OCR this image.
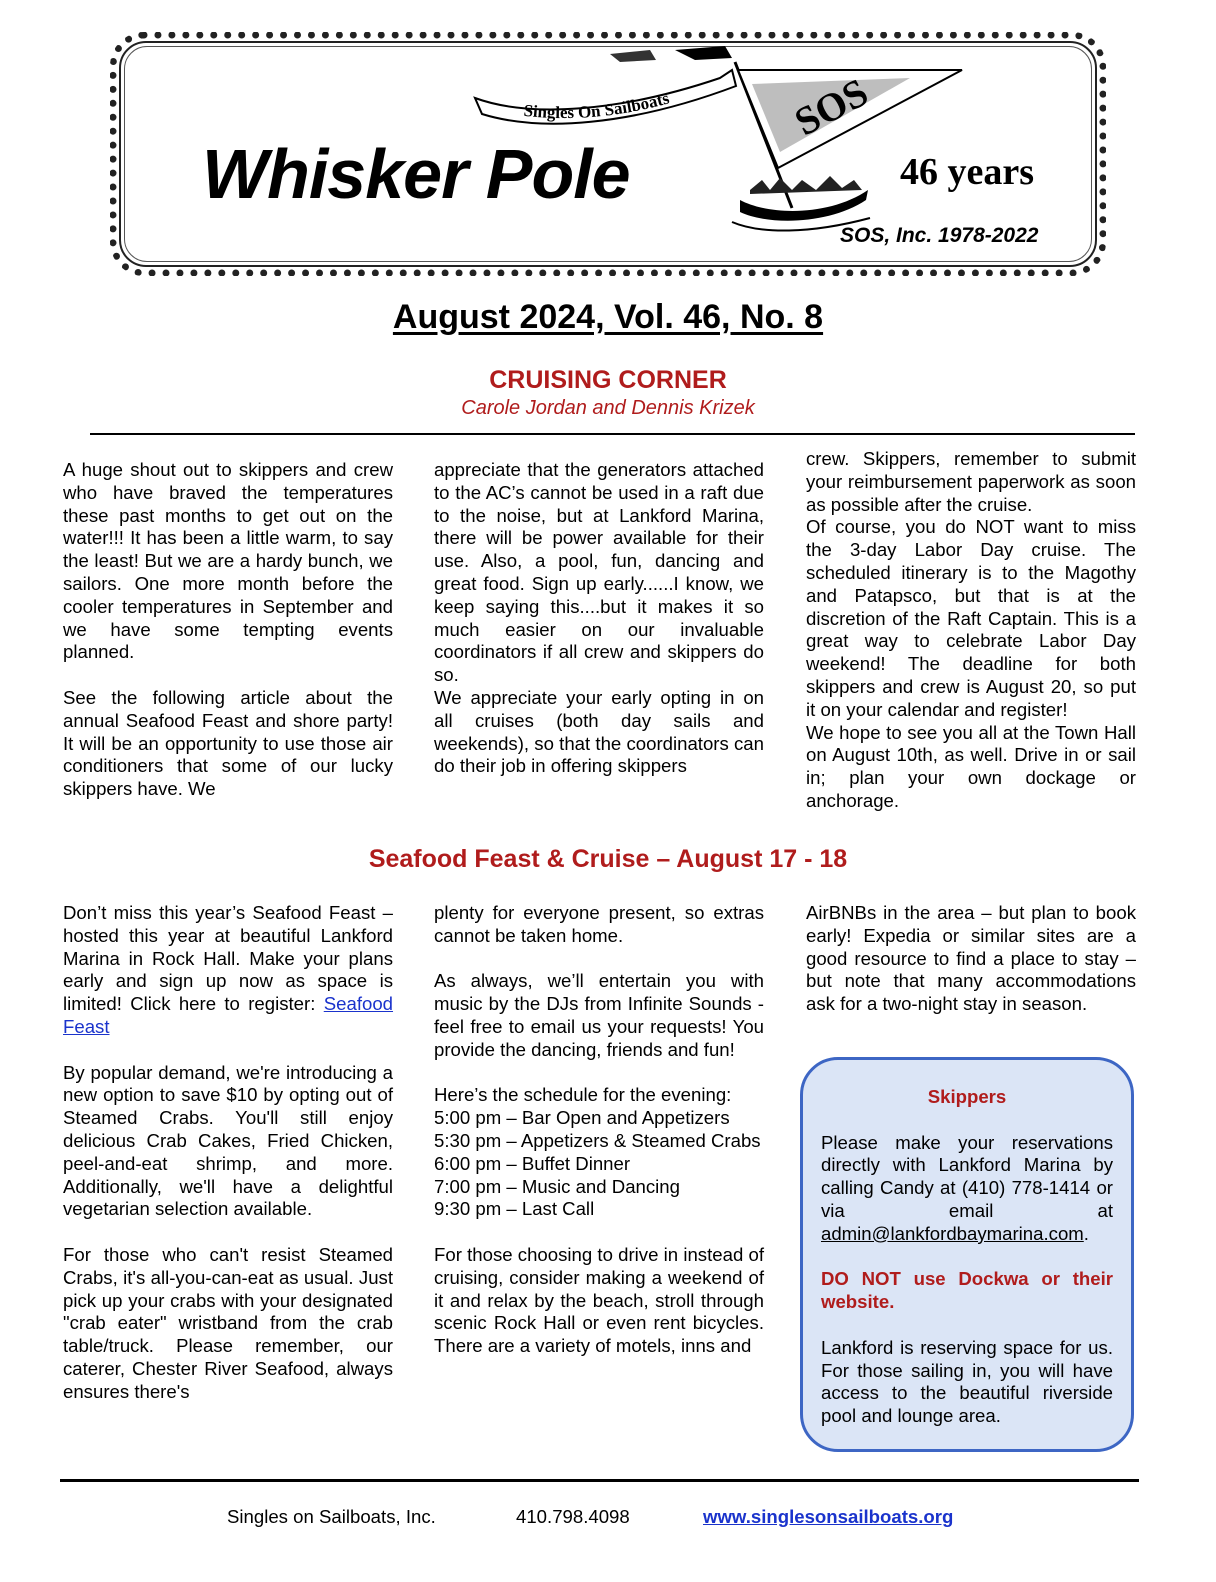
Singles On Sailboats	SOS
Whisker Pole	46 years
SOS, Inc. 1978-2022
August 2024, Vol. 46, No. 8
CRUISING CORNER
Carole Jordan and Dennis Krizek

A huge shout out to skippers and crew who have braved the temperatures these past months to get out on the water!!! It has been a little warm, to say the least! But we are a hardy bunch, we sailors. One more month before the cooler temperatures in September and we have some tempting events planned.

See the following article about the annual Seafood Feast and shore party! It will be an opportunity to use those air conditioners that some of our lucky skippers have. We

appreciate that the generators attached to the AC’s cannot be used in a raft due to the noise, but at Lankford Marina, there will be power available for their use. Also, a pool, fun, dancing and great food. Sign up early......I know, we keep saying this....but it makes it so much easier on our invaluable coordinators if all crew and skippers do so.

We appreciate your early opting in on all cruises (both day sails and weekends), so that the coordinators can do their job in offering skippers

crew. Skippers, remember to submit your reimbursement paperwork as soon as possible after the cruise.

Of course, you do NOT want to miss the 3-day Labor Day cruise. The scheduled itinerary is to the Magothy and Patapsco, but that is at the discretion of the Raft Captain. This is a great way to celebrate Labor Day weekend! The deadline for both skippers and crew is August 20, so put it on your calendar and register!

We hope to see you all at the Town Hall on August 10th, as well. Drive in or sail in; plan your own dockage or anchorage.

Seafood Feast & Cruise – August 17 - 18

Don’t miss this year’s Seafood Feast – hosted this year at beautiful Lankford Marina in Rock Hall. Make your plans early and sign up now as space is limited! Click here to register: Seafood Feast

By popular demand, we're introducing a new option to save $10 by opting out of Steamed Crabs. You'll still enjoy delicious Crab Cakes, Fried Chicken, peel-and-eat shrimp, and more. Additionally, we'll have a delightful vegetarian selection available.

For those who can't resist Steamed Crabs, it's all-you-can-eat as usual. Just pick up your crabs with your designated "crab eater" wristband from the crab table/truck. Please remember, our caterer, Chester River Seafood, always ensures there's

plenty for everyone present, so extras cannot be taken home.

As always, we’ll entertain you with music by the DJs from Infinite Sounds - feel free to email us your requests! You provide the dancing, friends and fun!

Here’s the schedule for the evening:

5:00 pm – Bar Open and Appetizers

5:30 pm – Appetizers & Steamed Crabs

6:00 pm – Buffet Dinner

7:00 pm – Music and Dancing

9:30 pm – Last Call

For those choosing to drive in instead of cruising, consider making a weekend of it and relax by the beach, stroll through scenic Rock Hall or even rent bicycles. There are a variety of motels, inns and

AirBNBs in the area – but plan to book early! Expedia or similar sites are a good resource to find a place to stay – but note that many accommodations ask for a two-night stay in season.

Skippers

Please make your reservations directly with Lankford Marina by calling Candy at (410) 778-1414 or via email at admin@lankfordbaymarina.com.

DO NOT use Dockwa or their website.

Lankford is reserving space for us. For those sailing in, you will have access to the beautiful riverside pool and lounge area.

Singles on Sailboats, Inc.	410.798.4098	www.singlesonsailboats.org
